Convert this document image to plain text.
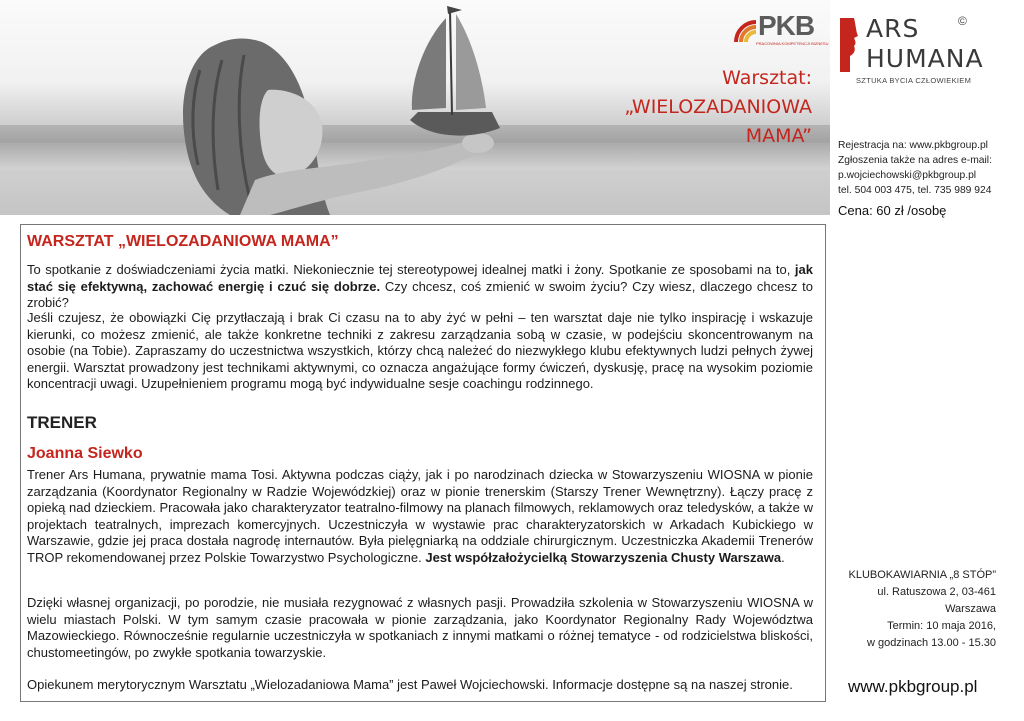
Warsztat:
„WIELOZADANIOWA
MAMA”
PKB
PRACOWNIA KOMPETENCJI BIZNESU
ARS
HUMANA
SZTUKA BYCIA CZŁOWIEKIEM
©
Rejestracja na: www.pkbgroup.pl
Zgłoszenia także na adres e-mail:
p.wojciechowski@pkbgroup.pl
tel. 504 003 475, tel. 735 989 924
Cena: 60 zł /osobę
WARSZTAT „WIELOZADANIOWA MAMA”

To spotkanie z doświadczeniami życia matki. Niekoniecznie tej stereotypowej idealnej matki i żony. Spotkanie ze sposobami na to, jak stać się efektywną, zachować energię i czuć się dobrze. Czy chcesz, coś zmienić w swoim życiu? Czy wiesz, dlaczego chcesz to zrobić?

Jeśli czujesz, że obowiązki Cię przytłaczają i brak Ci czasu na to aby żyć w pełni – ten warsztat daje nie tylko inspirację i wskazuje kierunki, co możesz zmienić, ale także konkretne techniki z zakresu zarządzania sobą w czasie, w podejściu skoncentrowanym na osobie (na Tobie). Zapraszamy do uczestnictwa wszystkich, którzy chcą należeć do niezwykłego klubu efektywnych ludzi pełnych żywej energii. Warsztat prowadzony jest technikami aktywnymi, co oznacza angażujące formy ćwiczeń, dyskusję, pracę na wysokim poziomie koncentracji uwagi. Uzupełnieniem programu mogą być indywidualne sesje coachingu rodzinnego.

TRENER
Joanna Siewko

Trener Ars Humana, prywatnie mama Tosi. Aktywna podczas ciąży, jak i po narodzinach dziecka w Stowarzyszeniu WIOSNA w pionie zarządzania (Koordynator Regionalny w Radzie Wojewódzkiej) oraz w pionie trenerskim (Starszy Trener Wewnętrzny). Łączy pracę z opieką nad dzieckiem. Pracowała jako charakteryzator teatralno-filmowy na planach filmowych, reklamowych oraz teledysków, a także w projektach teatralnych, imprezach komercyjnych. Uczestniczyła w wystawie prac charakteryzatorskich w Arkadach Kubickiego w Warszawie, gdzie jej praca dostała nagrodę internautów. Była pielęgniarką na oddziale chirurgicznym. Uczestniczka Akademii Trenerów TROP rekomendowanej przez Polskie Towarzystwo Psychologiczne. Jest współzałożycielką Stowarzyszenia Chusty Warszawa.

Dzięki własnej organizacji, po porodzie, nie musiała rezygnować z własnych pasji. Prowadziła szkolenia w Stowarzyszeniu WIOSNA w wielu miastach Polski. W tym samym czasie pracowała w pionie zarządzania, jako Koordynator Regionalny Rady Województwa Mazowieckiego. Równocześnie regularnie uczestniczyła w spotkaniach z innymi matkami o różnej tematyce - od rodzicielstwa bliskości, chustomeetingów, po zwykłe spotkania towarzyskie.

Opiekunem merytorycznym Warsztatu „Wielozadaniowa Mama” jest Paweł Wojciechowski. Informacje dostępne są na naszej stronie.
KLUBOKAWIARNIA „8 STÓP”
ul. Ratuszowa 2, 03-461
Warszawa
Termin: 10 maja 2016,
w godzinach 13.00 - 15.30
www.pkbgroup.pl
